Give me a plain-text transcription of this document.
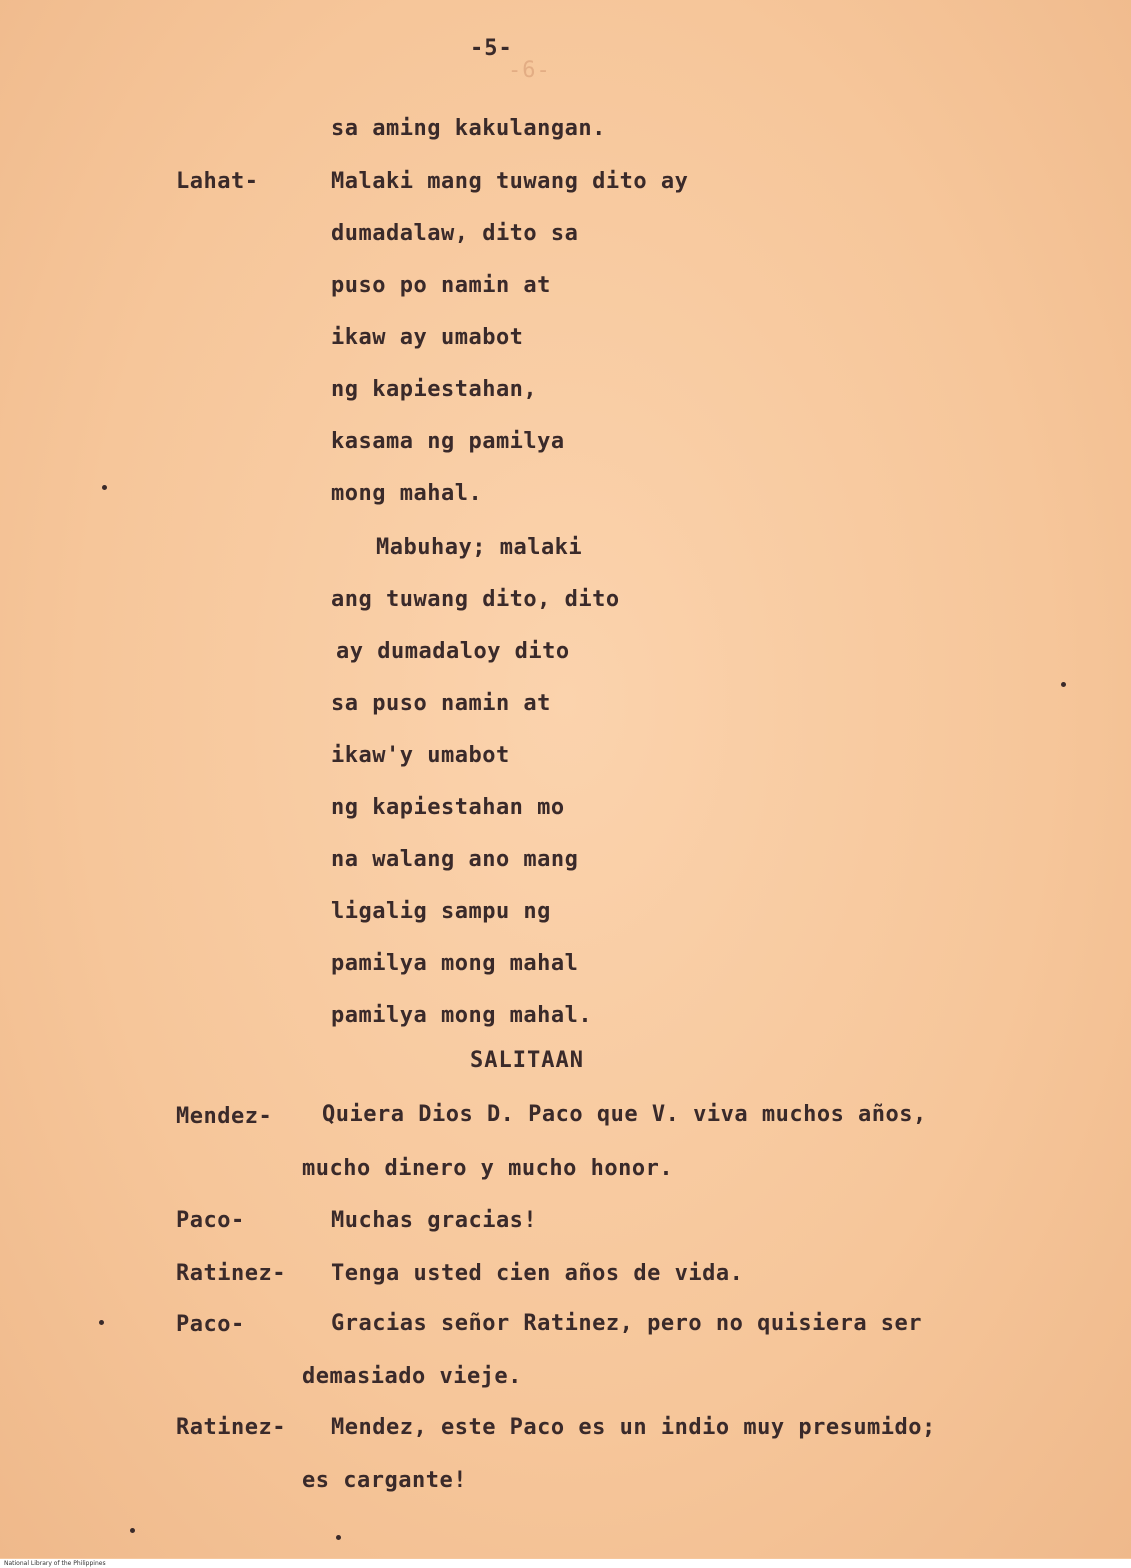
-6-
-5-
sa aming kakulangan.
Lahat-	Malaki mang tuwang dito ay
dumadalaw, dito sa
puso po namin at
ikaw ay umabot
ng kapiestahan,
kasama ng pamilya
mong mahal.
Mabuhay; malaki
ang tuwang dito, dito
ay dumadaloy dito
sa puso namin at
ikaw'y umabot
ng kapiestahan mo
na walang ano mang
ligalig sampu ng
pamilya mong mahal
pamilya mong mahal.
SALITAAN
Mendez- Quiera Dios D. Paco que V. viva muchos años,
mucho dinero y mucho honor.
Paco-	Muchas gracias!
Ratinez- Tenga usted cien años de vida.
Paco-	Gracias señor Ratinez, pero no quisiera ser
demasiado vieje.
Ratinez- Mendez, este Paco es un indio muy presumido;
es cargante!
National Library of the Philippines
